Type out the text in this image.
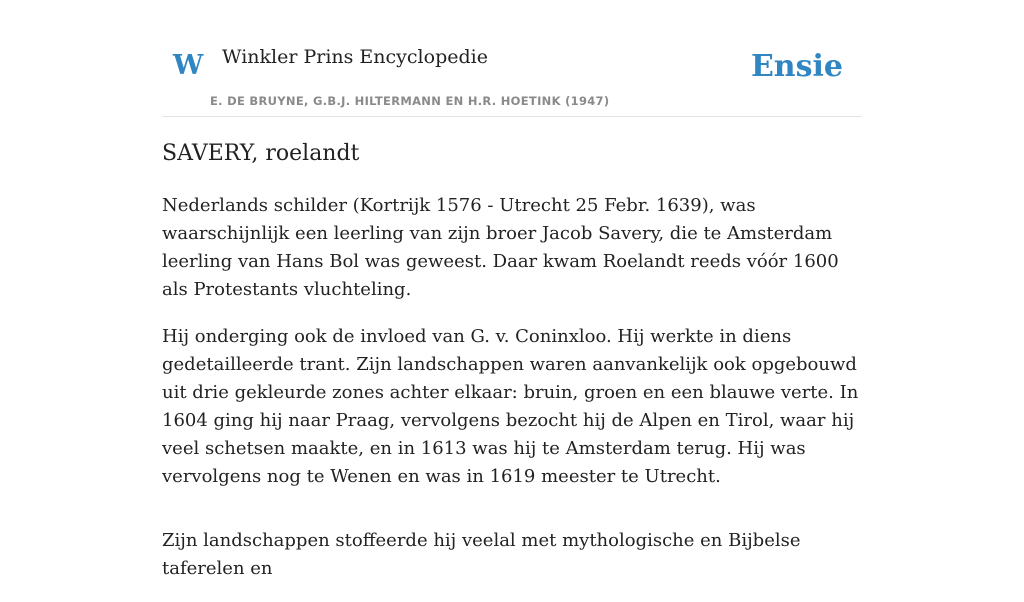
W Winkler Prins Encyclopedie
E. DE BRUYNE, G.B.J. HILTERMANN EN H.R. HOETINK (1947)
Ensie
SAVERY, roelandt

Nederlands schilder (Kortrijk 1576 - Utrecht 25 Febr. 1639), was waarschijnlijk een leerling van zijn broer Jacob Savery, die te Amsterdam leerling van Hans Bol was geweest. Daar kwam Roelandt reeds vóór 1600 als Protestants vluchteling.

Hij onderging ook de invloed van G. v. Coninxloo. Hij werkte in diens gedetailleerde trant. Zijn landschappen waren aanvankelijk ook opgebouwd uit drie gekleurde zones achter elkaar: bruin, groen en een blauwe verte. In 1604 ging hij naar Praag, vervolgens bezocht hij de Alpen en Tirol, waar hij veel schetsen maakte, en in 1613 was hij te Amsterdam terug. Hij was vervolgens nog te Wenen en was in 1619 meester te Utrecht.

Zijn landschappen stoffeerde hij veelal met mythologische en Bijbelse taferelen en
